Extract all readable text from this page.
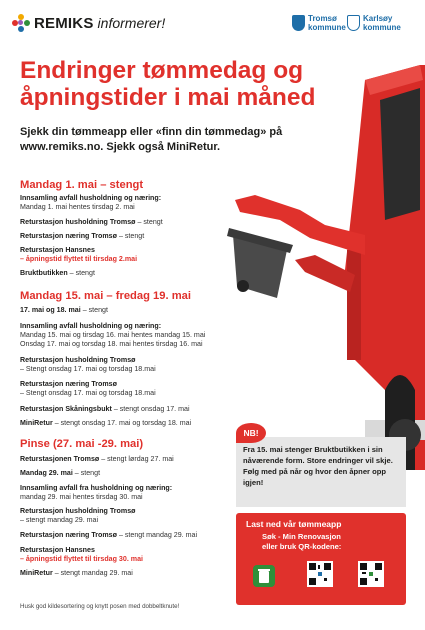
REMIKS informerer!	Tromsø kommune
Karlsøy kommune
Endringer tømmedag og åpningstider i mai måned
Sjekk din tømmeapp eller «finn din tømmedag» på www.remiks.no. Sjekk også MiniRetur.
Mandag 1. mai – stengt
Innsamling avfall husholdning og næring:
Mandag 1. mai hentes tirsdag 2. mai
Returstasjon husholdning Tromsø – stengt
Returstasjon næring Tromsø – stengt
Returstasjon Hansnes
– åpningstid flyttet til tirsdag 2.mai
Bruktbutikken – stengt
Mandag 15. mai – fredag 19. mai
17. mai og 18. mai – stengt
Innsamling avfall husholdning og næring:
Mandag 15. mai og tirsdag 16. mai hentes mandag 15. mai Onsdag 17. mai og torsdag 18. mai hentes tirsdag 16. mai
Returstasjon husholdning Tromsø
– Stengt onsdag 17. mai og torsdag 18.mai
Returstasjon næring Tromsø
– Stengt onsdag 17. mai og torsdag 18.mai
Returstasjon Skåningsbukt – stengt onsdag 17. mai
MiniRetur – stengt onsdag 17. mai og torsdag 18. mai
Pinse (27. mai -29. mai)
Returstasjonen Tromsø – stengt lørdag 27. mai
Mandag 29. mai – stengt
Innsamling avfall fra husholdning og næring:
mandag 29. mai hentes tirsdag 30. mai
Returstasjon husholdning Tromsø
– stengt mandag 29. mai
Returstasjon næring Tromsø – stengt mandag 29. mai
Returstasjon Hansnes
– åpningstid flyttet til tirsdag 30. mai
MiniRetur – stengt mandag 29. mai
NB!
Fra 15. mai stenger Bruktbutikken i sin nåværende form. Store endringer vil skje. Følg med på når og hvor den åpner opp igjen!
Last ned vår tømmeapp
Søk - Min Renovasjon
eller bruk QR-kodene:
Husk god kildesortering og knytt posen med dobbeltknute!
